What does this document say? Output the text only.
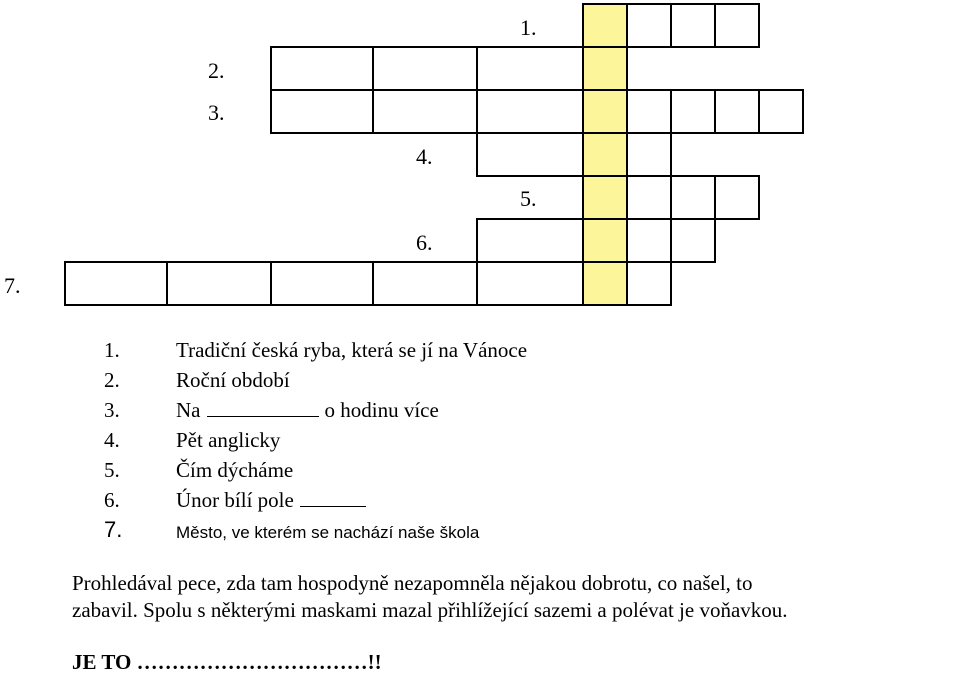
1.
2.
3.
4.
5.
6.
7.
1.	Tradiční česká ryba, která se jí na Vánoce
2.	Roční období
3.	Na	o hodinu více
4.	Pět anglicky
5.	Čím dýcháme
6.	Únor bílí pole
7.	Město, ve kterém se nachází naše škola

Prohledával pece, zda tam hospodyně nezapomněla nějakou dobrotu, co našel, to

zabavil. Spolu s některými maskami mazal přihlížející sazemi a polévat je voňavkou.

JE TO ……………………………!!
